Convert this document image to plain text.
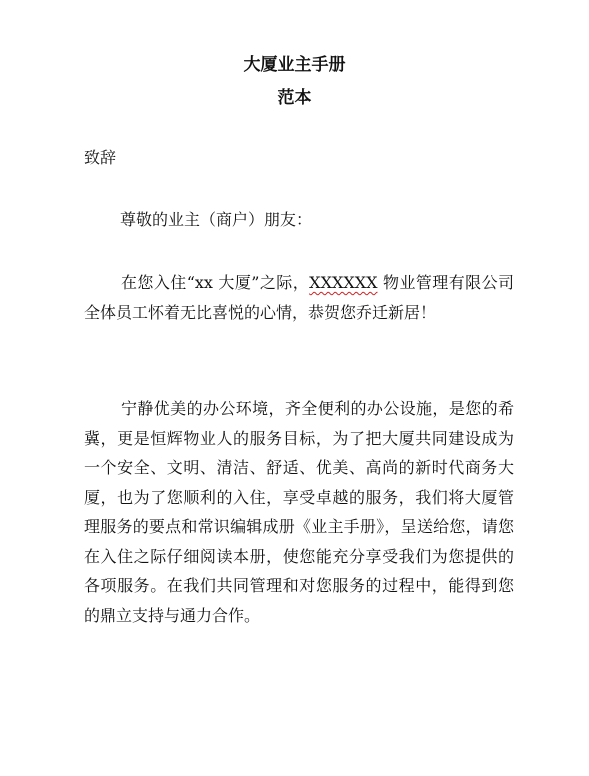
大厦业主手册
范本
致辞
尊敬的业主（商户）朋友：

在您入住“xx 大厦”之际，XXXXXX 物业管理有限公司全体员工怀着无比喜悦的心情，恭贺您乔迁新居！

宁静优美的办公环境，齐全便利的办公设施，是您的希冀，更是恒辉物业人的服务目标，为了把大厦共同建设成为一个安全、文明、清洁、舒适、优美、高尚的新时代商务大厦，也为了您顺利的入住，享受卓越的服务，我们将大厦管理服务的要点和常识编辑成册《业主手册》，呈送给您，请您在入住之际仔细阅读本册，使您能充分享受我们为您提供的各项服务。在我们共同管理和对您服务的过程中，能得到您的鼎立支持与通力合作。
